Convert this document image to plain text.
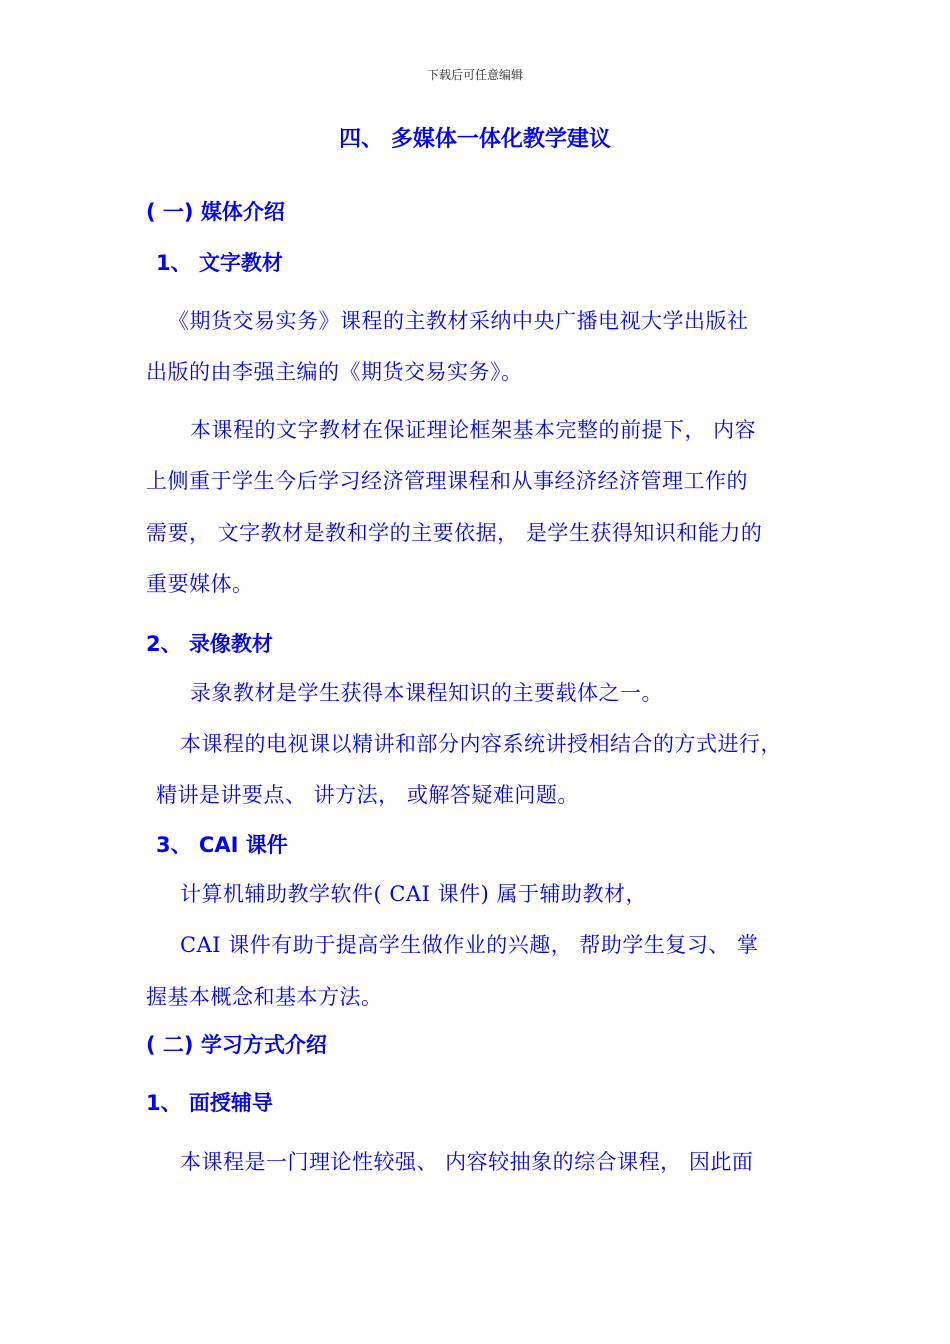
下载后可任意编辑
四、 多媒体一体化教学建议
( 一) 媒体介绍
1、 文字教材
《期货交易实务》课程的主教材采纳中央广播电视大学出版社
出版的由李强主编的《期货交易实务》。
本课程的文字教材在保证理论框架基本完整的前提下， 内容
上侧重于学生今后学习经济管理课程和从事经济经济管理工作的
需要， 文字教材是教和学的主要依据， 是学生获得知识和能力的
重要媒体。
2、 录像教材
录象教材是学生获得本课程知识的主要载体之一。
本课程的电视课以精讲和部分内容系统讲授相结合的方式进行，
精讲是讲要点、 讲方法， 或解答疑难问题。
3、 CAI 课件
计算机辅助教学软件( CAI 课件) 属于辅助教材，
CAI 课件有助于提高学生做作业的兴趣， 帮助学生复习、 掌
握基本概念和基本方法。
( 二) 学习方式介绍
1、 面授辅导
本课程是一门理论性较强、 内容较抽象的综合课程， 因此面
